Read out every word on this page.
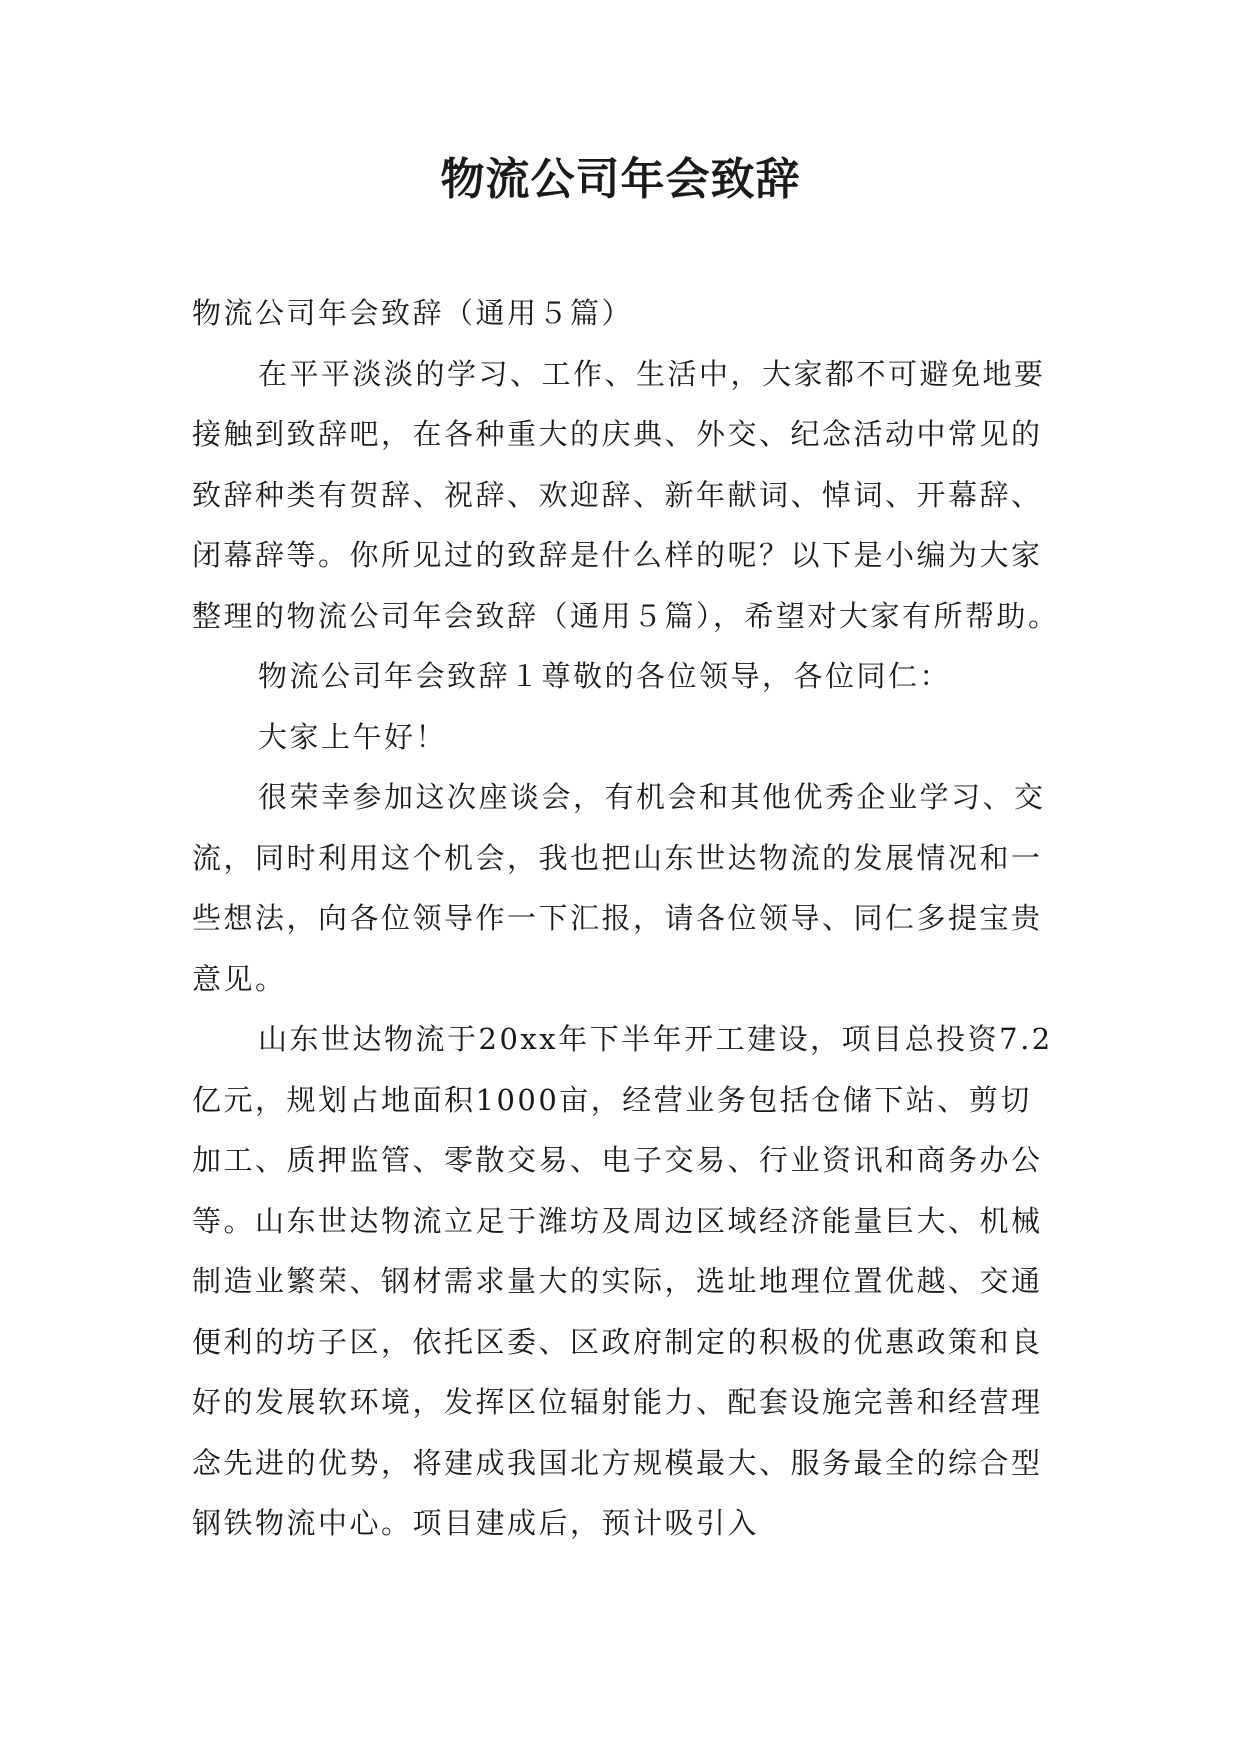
物流公司年会致辞

物流公司年会致辞（通用５篇）

在平平淡淡的学习、工作、生活中，大家都不可避免地要接触到致辞吧，在各种重大的庆典、外交、纪念活动中常见的致辞种类有贺辞、祝辞、欢迎辞、新年献词、悼词、开幕辞、闭幕辞等。你所见过的致辞是什么样的呢？以下是小编为大家整理的物流公司年会致辞（通用５篇），希望对大家有所帮助。

物流公司年会致辞１尊敬的各位领导，各位同仁：

大家上午好！

很荣幸参加这次座谈会，有机会和其他优秀企业学习、交流，同时利用这个机会，我也把山东世达物流的发展情况和一些想法，向各位领导作一下汇报，请各位领导、同仁多提宝贵意见。

山东世达物流于20xx年下半年开工建设，项目总投资7.2亿元，规划占地面积1000亩，经营业务包括仓储下站、剪切加工、质押监管、零散交易、电子交易、行业资讯和商务办公等。山东世达物流立足于潍坊及周边区域经济能量巨大、机械制造业繁荣、钢材需求量大的实际，选址地理位置优越、交通便利的坊子区，依托区委、区政府制定的积极的优惠政策和良好的发展软环境，发挥区位辐射能力、配套设施完善和经营理念先进的优势，将建成我国北方规模最大、服务最全的综合型钢铁物流中心。项目建成后，预计吸引入
